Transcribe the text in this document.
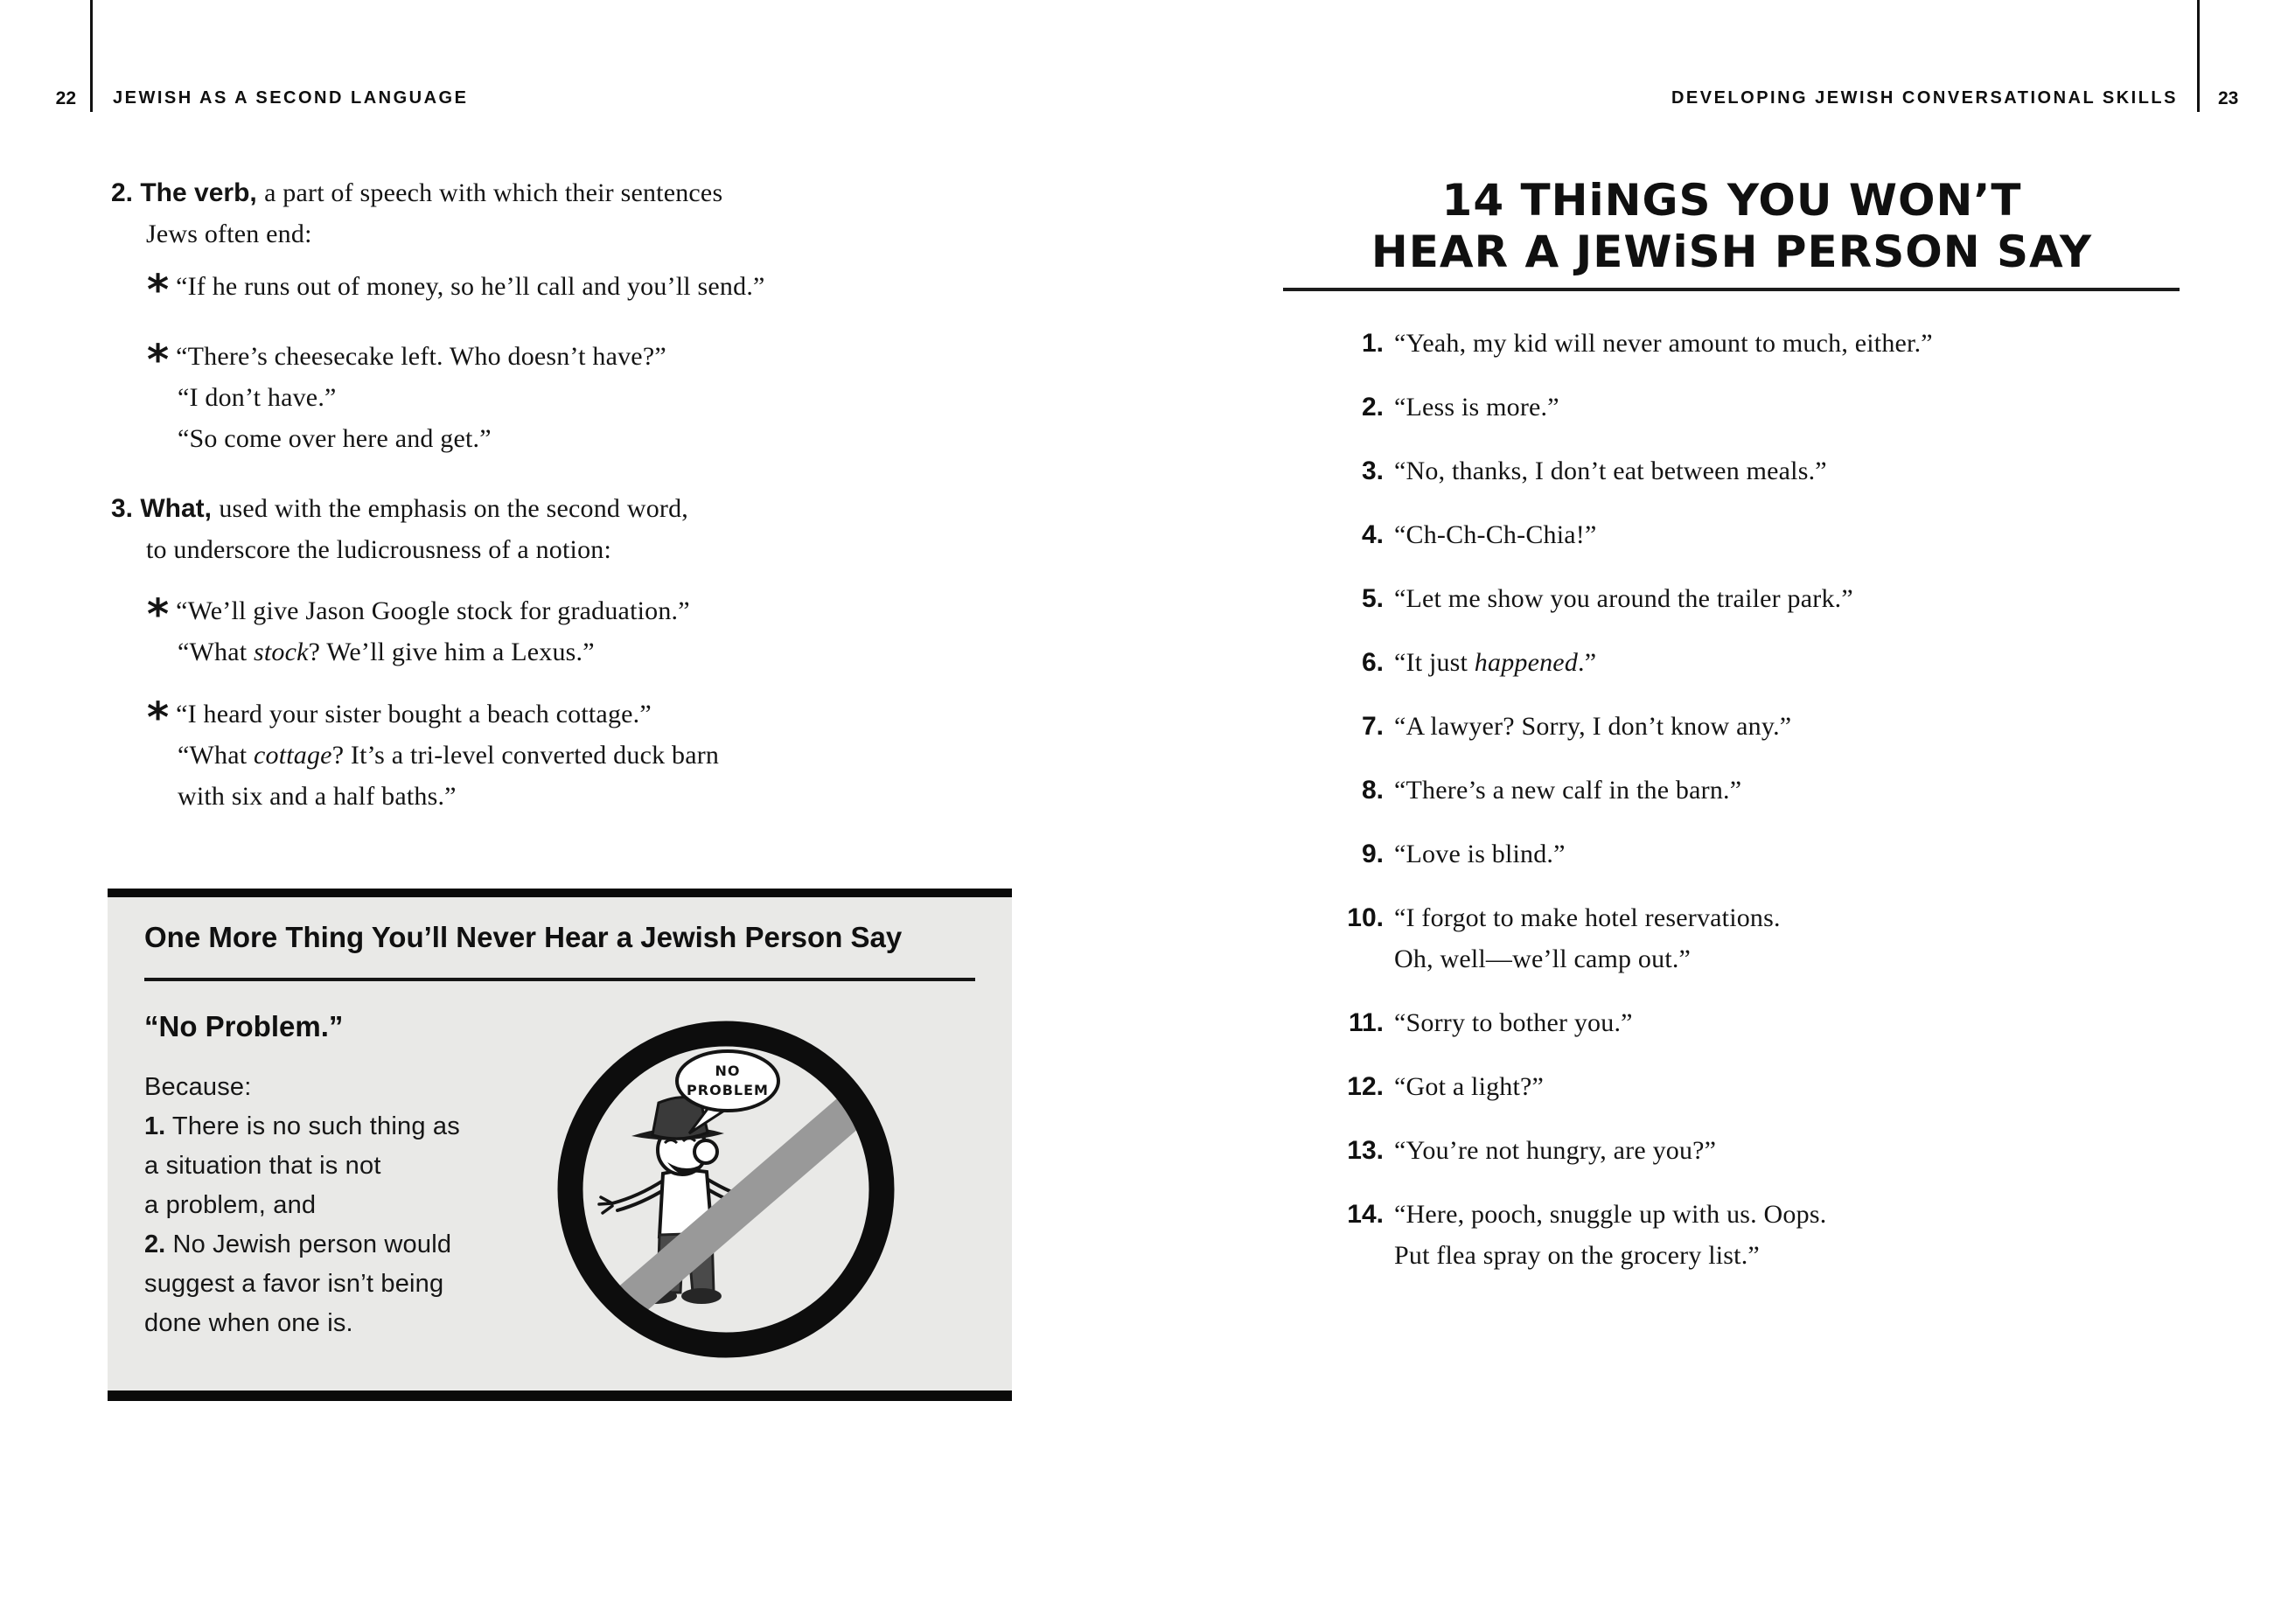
22 JEWISH AS A SECOND LANGUAGE	DEVELOPING JEWISH CONVERSATIONAL SKILLS 23
2. The verb, a part of speech with which their sentences
Jews often end:
* “If he runs out of money, so he’ll call and you’ll send.”
* “There’s cheesecake left. Who doesn’t have?”
“I don’t have.”
“So come over here and get.”
3. What, used with the emphasis on the second word,
to underscore the ludicrousness of a notion:
* “We’ll give Jason Google stock for graduation.”
“What stock? We’ll give him a Lexus.”
* “I heard your sister bought a beach cottage.”
“What cottage? It’s a tri-level converted duck barn
with six and a half baths.”
One More Thing You’ll Never Hear a Jewish Person Say
“No Problem.”
Because:
1. There is no such thing as
a situation that is not
a problem, and
2. No Jewish person would
suggest a favor isn’t being
done when one is.
NO
PROBLEM
14 THiNGS YOU WON’T
HEAR A JEWiSH PERSON SAY
1. “Yeah, my kid will never amount to much, either.”
2. “Less is more.”
3. “No, thanks, I don’t eat between meals.”
4. “Ch-Ch-Ch-Chia!”
5. “Let me show you around the trailer park.”
6. “It just happened.”
7. “A lawyer? Sorry, I don’t know any.”
8. “There’s a new calf in the barn.”
9. “Love is blind.”
10. “I forgot to make hotel reservations.
Oh, well—we’ll camp out.”
11. “Sorry to bother you.”
12. “Got a light?”
13. “You’re not hungry, are you?”
14. “Here, pooch, snuggle up with us. Oops.
Put flea spray on the grocery list.”
